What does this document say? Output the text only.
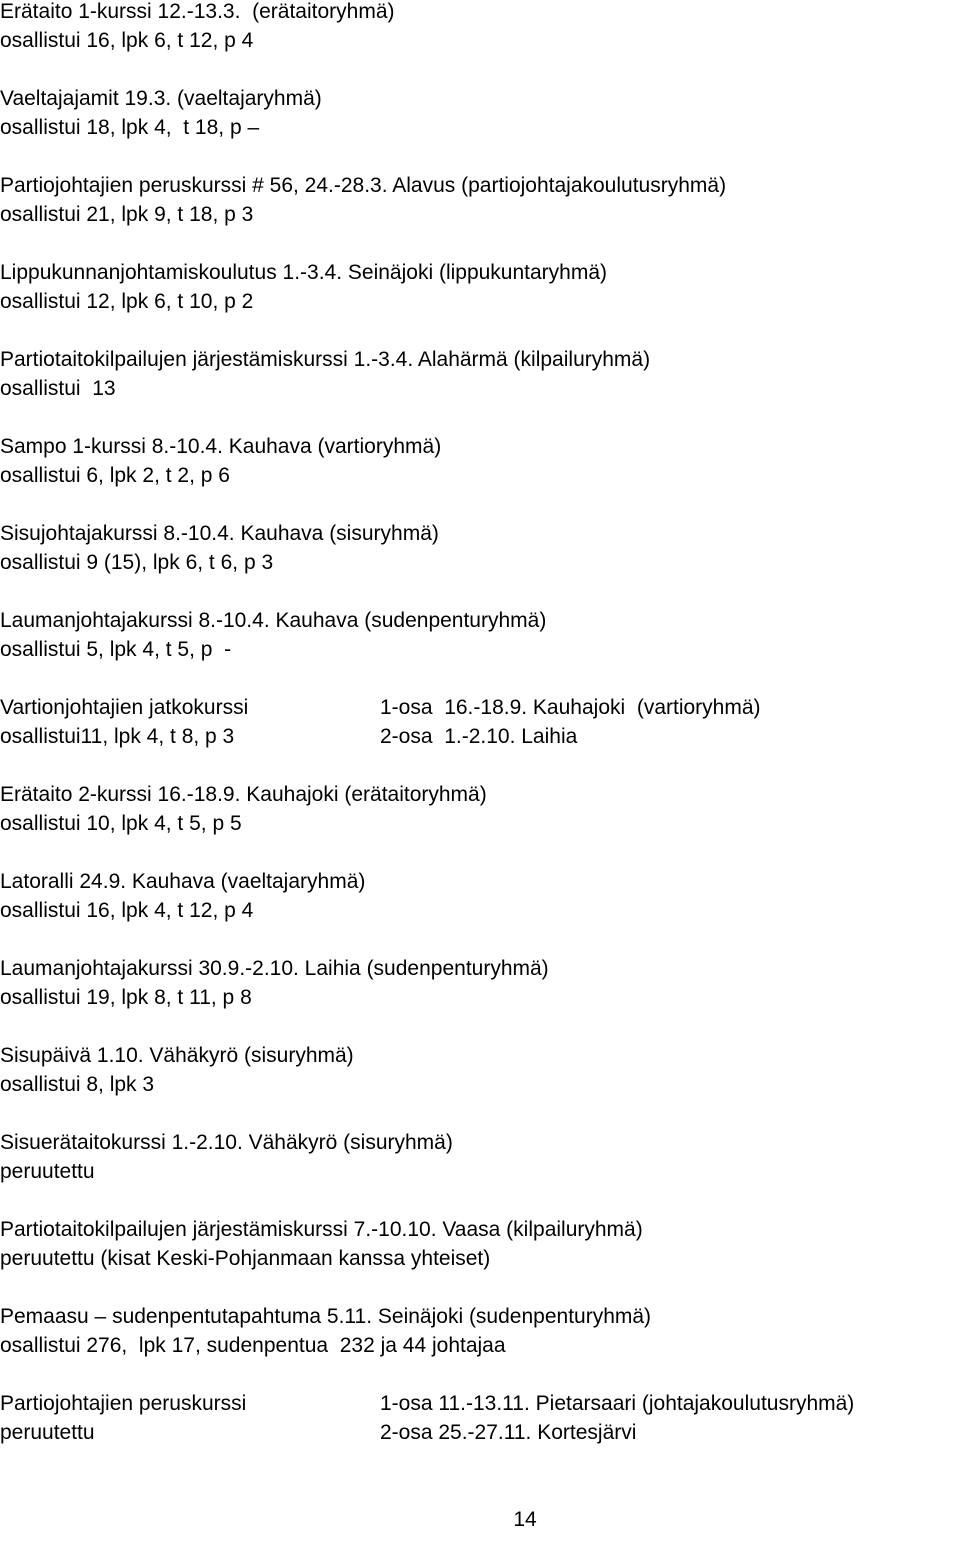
Erätaito 1-kurssi 12.-13.3.  (erätaitoryhmä)
osallistui 16, lpk 6, t 12, p 4
Vaeltajajamit 19.3. (vaeltajaryhmä)
osallistui 18, lpk 4,  t 18, p –
Partiojohtajien peruskurssi # 56, 24.-28.3. Alavus (partiojohtajakoulutusryhmä)
osallistui 21, lpk 9, t 18, p 3
Lippukunnanjohtamiskoulutus 1.-3.4. Seinäjoki (lippukuntaryhmä)
osallistui 12, lpk 6, t 10, p 2
Partiotaitokilpailujen järjestämiskurssi 1.-3.4. Alahärmä (kilpailuryhmä)
osallistui  13
Sampo 1-kurssi 8.-10.4. Kauhava (vartioryhmä)
osallistui 6, lpk 2, t 2, p 6
Sisujohtajakurssi 8.-10.4. Kauhava (sisuryhmä)
osallistui 9 (15), lpk 6, t 6, p 3
Laumanjohtajakurssi 8.-10.4. Kauhava (sudenpenturyhmä)
osallistui 5, lpk 4, t 5, p  -
Vartionjohtajien jatkokurssi
osallistui11, lpk 4, t 8, p 3
1-osa  16.-18.9. Kauhajoki  (vartioryhmä)
2-osa  1.-2.10. Laihia
Erätaito 2-kurssi 16.-18.9. Kauhajoki (erätaitoryhmä)
osallistui 10, lpk 4, t 5, p 5
Latoralli 24.9. Kauhava (vaeltajaryhmä)
osallistui 16, lpk 4, t 12, p 4
Laumanjohtajakurssi 30.9.-2.10. Laihia (sudenpenturyhmä)
osallistui 19, lpk 8, t 11, p 8
Sisupäivä 1.10. Vähäkyrö (sisuryhmä)
osallistui 8, lpk 3
Sisuerätaitokurssi 1.-2.10. Vähäkyrö (sisuryhmä)
peruutettu
Partiotaitokilpailujen järjestämiskurssi 7.-10.10. Vaasa (kilpailuryhmä)
peruutettu (kisat Keski-Pohjanmaan kanssa yhteiset)
Pemaasu – sudenpentutapahtuma 5.11. Seinäjoki (sudenpenturyhmä)
osallistui 276,  lpk 17, sudenpentua  232 ja 44 johtajaa
Partiojohtajien peruskurssi
peruutettu
1-osa 11.-13.11. Pietarsaari (johtajakoulutusryhmä)
2-osa 25.-27.11. Kortesjärvi
14
